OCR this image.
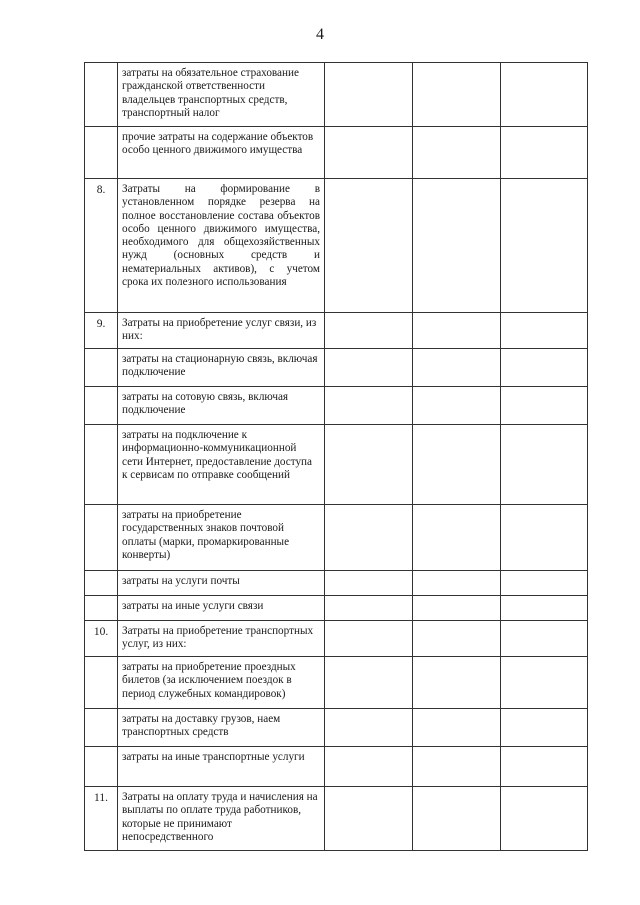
4
	затраты на обязательное страхование гражданской ответственности владельцев транспортных средств, транспортный налог			
	прочие затраты на содержание объектов особо ценного движимого имущества			
8.	Затраты на формирование в установленном порядке резерва на полное восстановление состава объектов особо ценного движимого имущества, необходимого для общехозяйственных нужд (основных средств и нематериальных активов), с учетом срока их полезного использования			
9.	Затраты на приобретение услуг связи, из них:			
	затраты на стационарную связь, включая подключение			
	затраты на сотовую связь, включая подключение			
	затраты на подключение к информационно-коммуникационной сети Интернет, предоставление доступа к сервисам по отправке сообщений			
	затраты на приобретение государственных знаков почтовой оплаты (марки, промаркированные конверты)			
	затраты на услуги почты			
	затраты на иные услуги связи			
10.	Затраты на приобретение транспортных услуг, из них:			
	затраты на приобретение проездных билетов (за исключением поездок в период служебных командировок)			
	затраты на доставку грузов, наем транспортных средств			
	затраты на иные транспортные услуги			
11.	Затраты на оплату труда и начисления на выплаты по оплате труда работников, которые не принимают непосредственного			
